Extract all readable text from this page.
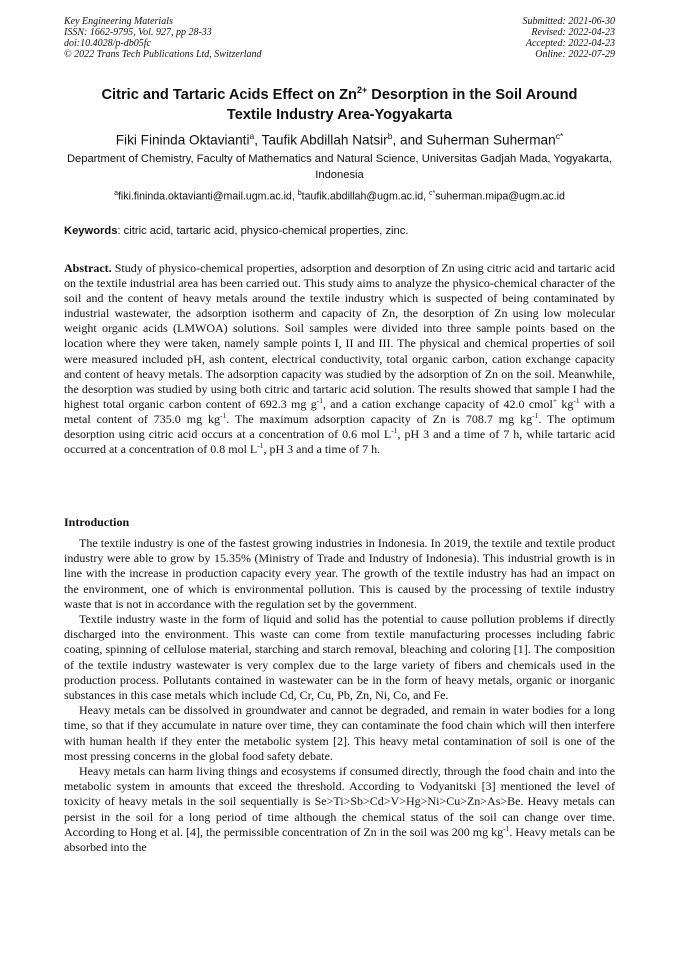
Key Engineering Materials
ISSN: 1662-9795, Vol. 927, pp 28-33
doi:10.4028/p-db05fc
© 2022 Trans Tech Publications Ltd, Switzerland
Submitted: 2021-06-30
Revised: 2022-04-23
Accepted: 2022-04-23
Online: 2022-07-29
Citric and Tartaric Acids Effect on $Zn^{2+}$ Desorption in the Soil Around
Textile Industry Area-Yogyakarta
Fiki Fininda Oktavianti$^a$, Taufik Abdillah Natsir$^b$, and Suherman Suherman$^{c*}$
Department of Chemistry, Faculty of Mathematics and Natural Science, Universitas Gadjah Mada, Yogyakarta, Indonesia
$^a$fiki.fininda.oktavianti@mail.ugm.ac.id, $^b$taufik.abdillah@ugm.ac.id, $^{c*}$suherman.mipa@ugm.ac.id
Keywords: citric acid, tartaric acid, physico-chemical properties, zinc.
Abstract. Study of physico-chemical properties, adsorption and desorption of Zn using citric acid and tartaric acid on the textile industrial area has been carried out. This study aims to analyze the physico-chemical character of the soil and the content of heavy metals around the textile industry which is suspected of being contaminated by industrial wastewater, the adsorption isotherm and capacity of Zn, the desorption of Zn using low molecular weight organic acids (LMWOA) solutions. Soil samples were divided into three sample points based on the location where they were taken, namely sample points I, II and III. The physical and chemical properties of soil were measured included pH, ash content, electrical conductivity, total organic carbon, cation exchange capacity and content of heavy metals. The adsorption capacity was studied by the adsorption of Zn on the soil. Meanwhile, the desorption was studied by using both citric and tartaric acid solution. The results showed that sample I had the highest total organic carbon content of 692.3 mg $g^{-1}$, and a cation exchange capacity of 42.0 cmol+ $kg^{-1}$ with a metal content of 735.0 mg $kg^{-1}$. The maximum adsorption capacity of Zn is 708.7 mg $kg^{-1}$. The optimum desorption using citric acid occurs at a concentration of 0.6 mol $L^{-1}$, pH 3 and a time of 7 h, while tartaric acid occurred at a concentration of 0.8 mol $L^{-1}$, pH 3 and a time of 7 h.
Introduction

The textile industry is one of the fastest growing industries in Indonesia. In 2019, the textile and textile product industry were able to grow by 15.35% (Ministry of Trade and Industry of Indonesia). This industrial growth is in line with the increase in production capacity every year. The growth of the textile industry has had an impact on the environment, one of which is environmental pollution. This is caused by the processing of textile industry waste that is not in accordance with the regulation set by the government.

Textile industry waste in the form of liquid and solid has the potential to cause pollution problems if directly discharged into the environment. This waste can come from textile manufacturing processes including fabric coating, spinning of cellulose material, starching and starch removal, bleaching and coloring [1]. The composition of the textile industry wastewater is very complex due to the large variety of fibers and chemicals used in the production process. Pollutants contained in wastewater can be in the form of heavy metals, organic or inorganic substances in this case metals which include Cd, Cr, Cu, Pb, Zn, Ni, Co, and Fe.

Heavy metals can be dissolved in groundwater and cannot be degraded, and remain in water bodies for a long time, so that if they accumulate in nature over time, they can contaminate the food chain which will then interfere with human health if they enter the metabolic system [2]. This heavy metal contamination of soil is one of the most pressing concerns in the global food safety debate.

Heavy metals can harm living things and ecosystems if consumed directly, through the food chain and into the metabolic system in amounts that exceed the threshold. According to Vodyanitski [3] mentioned the level of toxicity of heavy metals in the soil sequentially is Se>Ti>Sb>Cd>V>Hg>Ni>Cu>Zn>As>Be. Heavy metals can persist in the soil for a long period of time although the chemical status of the soil can change over time. According to Hong et al. [4], the permissible concentration of Zn in the soil was 200 mg $kg^{-1}$. Heavy metals can be absorbed into the
